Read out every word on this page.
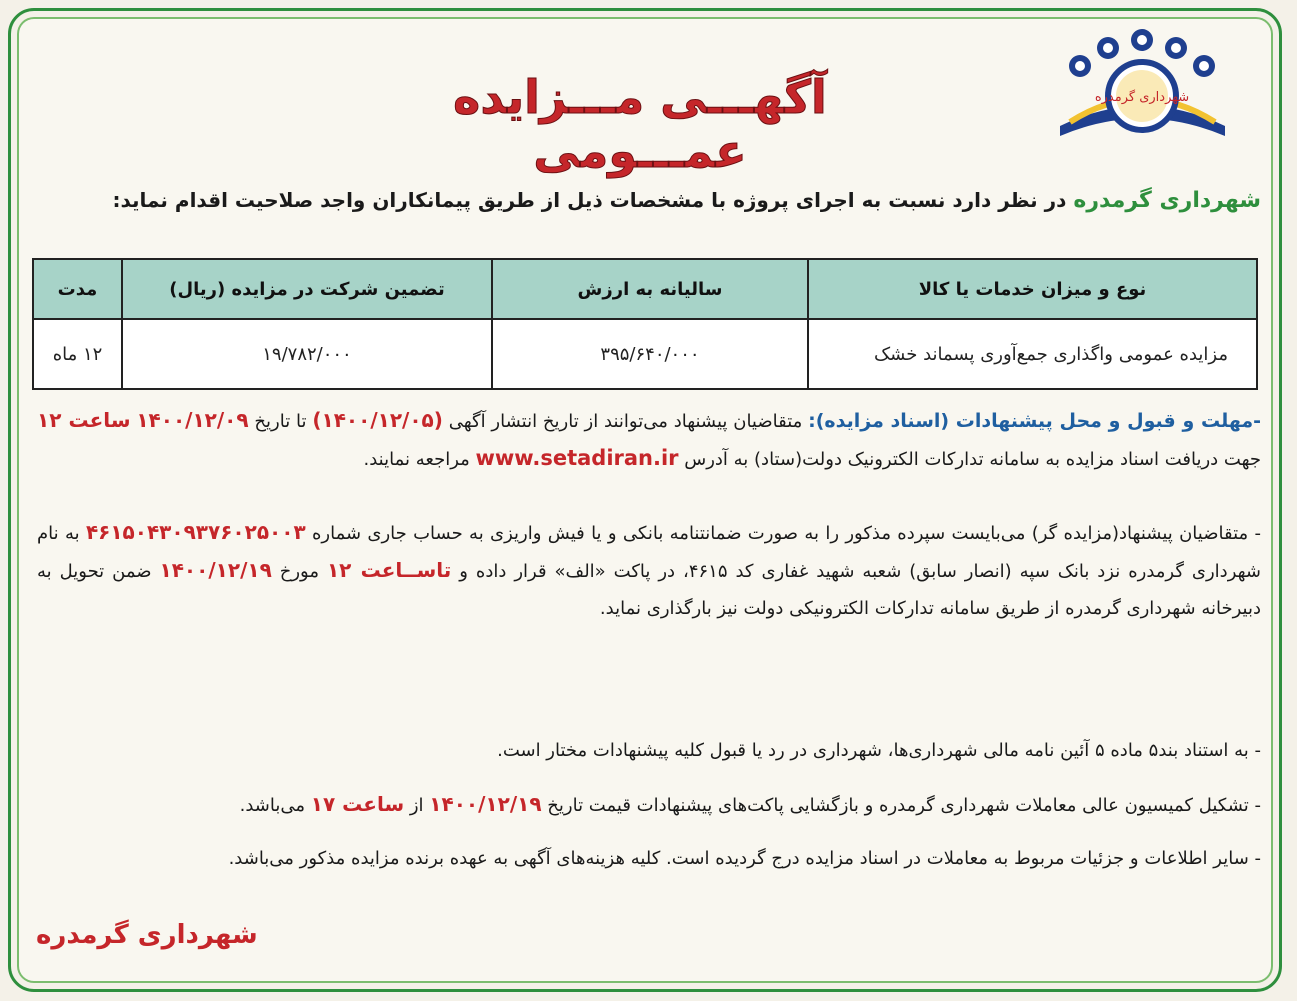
شهرداری گرمدره
آگهـــی مـــزایده عمـــومی
شهرداری گرمدره در نظر دارد نسبت به اجرای پروژه با مشخصات ذیل از طریق پیمانکاران واجد صلاحیت اقدام نماید:
نوع و میزان خدمات یا کالا	سالیانه به ارزش	تضمین شرکت در مزایده (ریال)	مدت
مزایده عمومی واگذاری جمع‌آوری پسماند خشک	۳۹۵/۶۴۰/۰۰۰	۱۹/۷۸۲/۰۰۰	۱۲ ماه
-مهلت و قبول و محل پیشنهادات (اسناد مزایده): متقاضیان پیشنهاد می‌توانند از تاریخ انتشار آگهی (۱۴۰۰/۱۲/۰۵) تا تاریخ ۱۴۰۰/۱۲/۰۹ ساعت ۱۲ جهت دریافت اسناد مزایده به سامانه تدارکات الکترونیک دولت(ستاد) به آدرس www.setadiran.ir مراجعه نمایند.
- متقاضیان پیشنهاد(مزایده گر) می‌بایست سپرده مذکور را به صورت ضمانتنامه بانکی و یا فیش واریزی به حساب جاری شماره ۴۶۱۵۰۴۳۰۹۳۷۶۰۲۵۰۰۳ به نام شهرداری گرمدره نزد بانک سپه (انصار سابق) شعبه شهید غفاری کد ۴۶۱۵، در پاکت «الف» قرار داده و تاســاعت ۱۲ مورخ ۱۴۰۰/۱۲/۱۹ ضمن تحویل به دبیرخانه شهرداری گرمدره از طریق سامانه تدارکات الکترونیکی دولت نیز بارگذاری نماید.
- به استناد بند۵ ماده ۵ آئین نامه مالی شهرداری‌ها، شهرداری در رد یا قبول کلیه پیشنهادات مختار است.
- تشکیل کمیسیون عالی معاملات شهرداری گرمدره و بازگشایی پاکت‌های پیشنهادات قیمت تاریخ ۱۴۰۰/۱۲/۱۹ از ساعت ۱۷ می‌باشد.
- سایر اطلاعات و جزئیات مربوط به معاملات در اسناد مزایده درج گردیده است. کلیه هزینه‌های آگهی به عهده برنده مزایده مذکور می‌باشد.
شهرداری گرمدره
